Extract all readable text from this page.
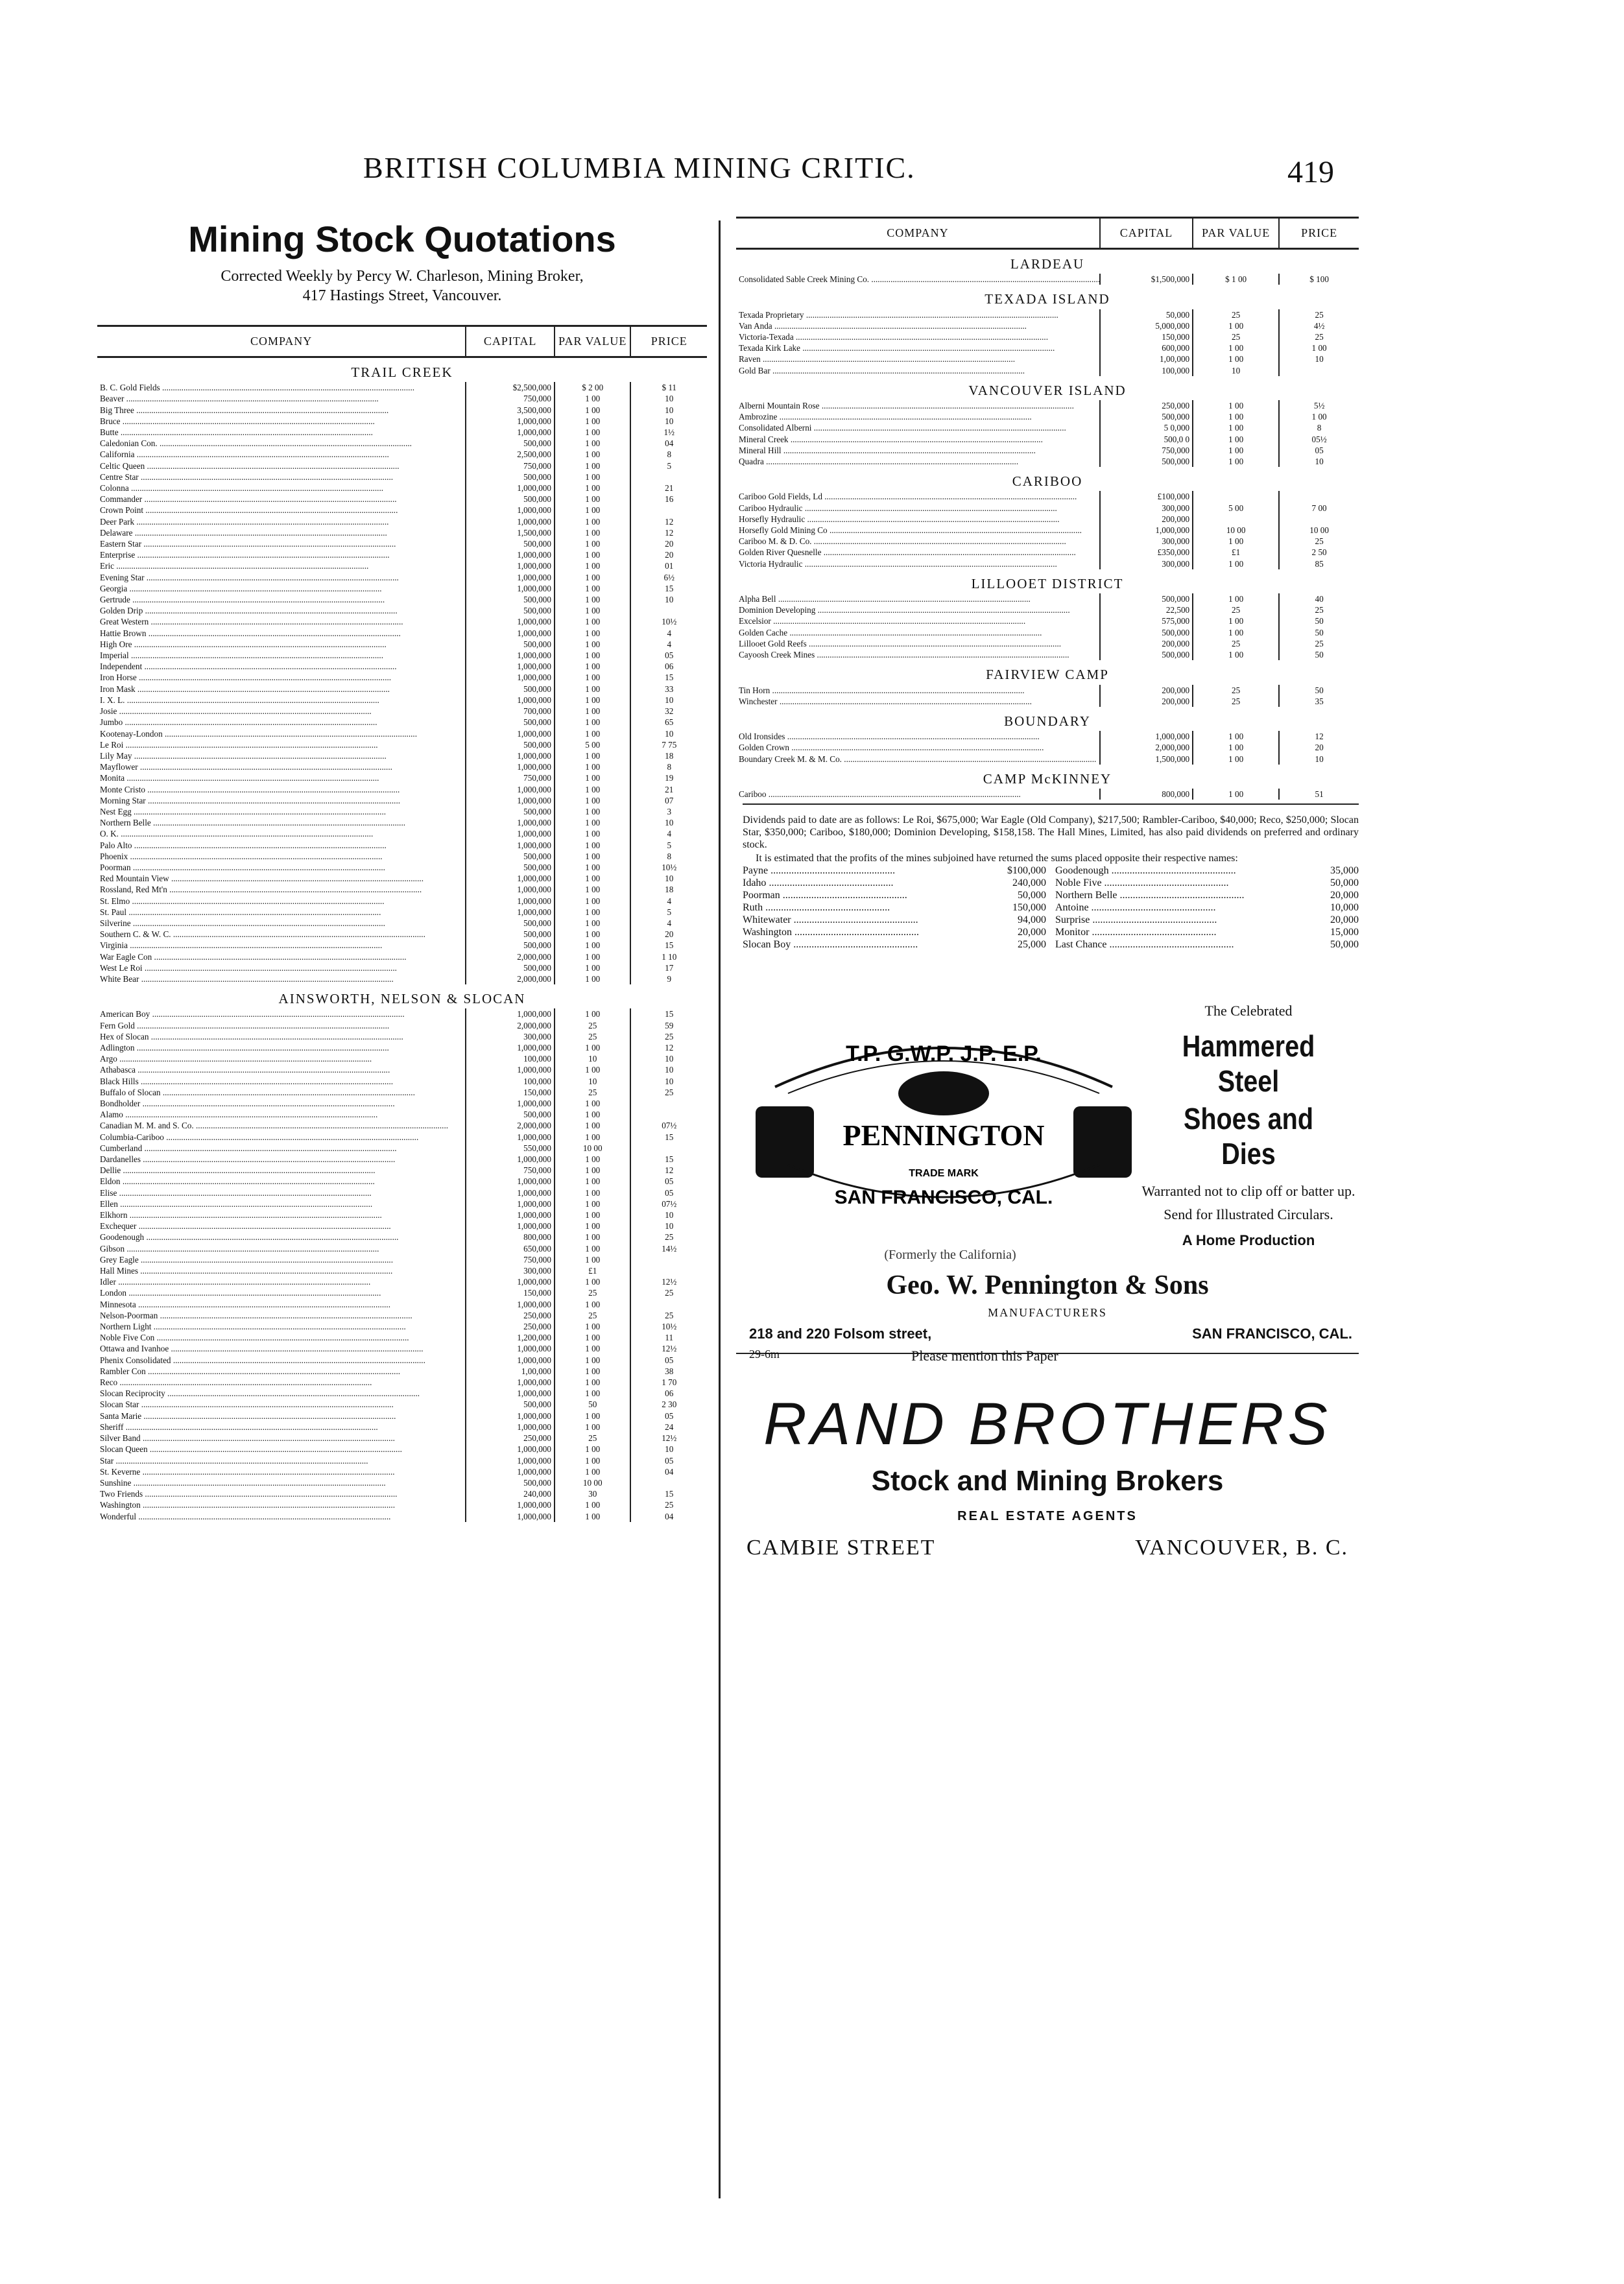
BRITISH COLUMBIA MINING CRITIC.	419
Mining Stock Quotations
Corrected Weekly by Percy W. Charleson, Mining Broker,
417 Hastings Street, Vancouver.
COMPANY	CAPITAL	PAR VALUE	PRICE
TRAIL CREEK			
B. C. Gold Fields .....	$2,500,000	$ 2 00	$ 11
Beaver .....	750,000	1 00	10
Big Three .....	3,500,000	1 00	10
Bruce .....	1,000,000	1 00	10
Butte .....	1,000,000	1 00	1½
Caledonian Con. .....	500,000	1 00	04
California .....	2,500,000	1 00	8
Celtic Queen .....	750,000	1 00	5
Centre Star .....	500,000	1 00	
Colonna .....	1,000,000	1 00	21
Commander .....	500,000	1 00	16
Crown Point .....	1,000,000	1 00	
Deer Park .....	1,000,000	1 00	12
Delaware .....	1,500,000	1 00	12
Eastern Star .....	500,000	1 00	20
Enterprise .....	1,000,000	1 00	20
Eric .....	1,000,000	1 00	01
Evening Star .....	1,000,000	1 00	6½
Georgia .....	1,000,000	1 00	15
Gertrude .....	500,000	1 00	10
Golden Drip .....	500,000	1 00	
Great Western .....	1,000,000	1 00	10½
Hattie Brown .....	1,000,000	1 00	4
High Ore .....	500,000	1 00	4
Imperial .....	1,000,000	1 00	05
Independent .....	1,000,000	1 00	06
Iron Horse .....	1,000,000	1 00	15
Iron Mask .....	500,000	1 00	33
I. X. L. .....	1,000,000	1 00	10
Josie .....	700,000	1 00	32
Jumbo .....	500,000	1 00	65
Kootenay-London .....	1,000,000	1 00	10
Le Roi .....	500,000	5 00	7 75
Lily May .....	1,000,000	1 00	18
Mayflower .....	1,000,000	1 00	8
Monita .....	750,000	1 00	19
Monte Cristo .....	1,000,000	1 00	21
Morning Star .....	1,000,000	1 00	07
Nest Egg .....	500,000	1 00	3
Northern Belle .....	1,000,000	1 00	10
O. K. .....	1,000,000	1 00	4
Palo Alto .....	1,000,000	1 00	5
Phoenix .....	500,000	1 00	8
Poorman .....	500,000	1 00	10½
Red Mountain View .....	1,000,000	1 00	10
Rossland, Red Mt'n .....	1,000,000	1 00	18
St. Elmo .....	1,000,000	1 00	4
St. Paul .....	1,000,000	1 00	5
Silverine .....	500,000	1 00	4
Southern C. & W. C. .....	500,000	1 00	20
Virginia .....	500,000	1 00	15
War Eagle Con .....	2,000,000	1 00	1 10
West Le Roi .....	500,000	1 00	17
White Bear .....	2,000,000	1 00	9
AINSWORTH, NELSON & SLOCAN			
American Boy .....	1,000,000	1 00	15
Fern Gold .....	2,000,000	25	59
Hex of Slocan .....	300,000	25	25
Adlington .....	1,000,000	1 00	12
Argo .....	100,000	10	10
Athabasca .....	1,000,000	1 00	10
Black Hills .....	100,000	10	10
Buffalo of Slocan .....	150,000	25	25
Bondholder .....	1,000,000	1 00	
Alamo .....	500,000	1 00	
Canadian M. M. and S. Co. .....	2,000,000	1 00	07½
Columbia-Cariboo .....	1,000,000	1 00	15
Cumberland .....	550,000	10 00	
Dardanelles .....	1,000,000	1 00	15
Dellie .....	750,000	1 00	12
Eldon .....	1,000,000	1 00	05
Elise .....	1,000,000	1 00	05
Ellen .....	1,000,000	1 00	07½
Elkhorn .....	1,000,000	1 00	10
Exchequer .....	1,000,000	1 00	10
Goodenough .....	800,000	1 00	25
Gibson .....	650,000	1 00	14½
Grey Eagle .....	750,000	1 00	
Hall Mines .....	300,000	£1	
Idler .....	1,000,000	1 00	12½
London .....	150,000	25	25
Minnesota .....	1,000,000	1 00	
Nelson-Poorman .....	250,000	25	25
Northern Light .....	250,000	1 00	10½
Noble Five Con .....	1,200,000	1 00	11
Ottawa and Ivanhoe .....	1,000,000	1 00	12½
Phenix Consolidated .....	1,000,000	1 00	05
Rambler Con .....	1,00,000	1 00	38
Reco .....	1,000,000	1 00	1 70
Slocan Reciprocity .....	1,000,000	1 00	06
Slocan Star .....	500,000	50	2 30
Santa Marie .....	1,000,000	1 00	05
Sheriff .....	1,000,000	1 00	24
Silver Band .....	250,000	25	12½
Slocan Queen .....	1,000,000	1 00	10
Star .....	1,000,000	1 00	05
St. Keverne .....	1,000,000	1 00	04
Sunshine .....	500,000	10 00	
Two Friends .....	240,000	30	15
Washington .....	1,000,000	1 00	25
Wonderful .....	1,000,000	1 00	04
COMPANY	CAPITAL	PAR VALUE	PRICE
LARDEAU			
Consolidated Sable Creek Mining Co. .....	$1,500,000	$ 1 00	$ 100
TEXADA ISLAND			
Texada Proprietary .....	50,000	25	25
Van Anda .....	5,000,000	1 00	4½
Victoria-Texada .....	150,000	25	25
Texada Kirk Lake .....	600,000	1 00	1 00
Raven .....	1,00,000	1 00	10
Gold Bar .....	100,000	10	
VANCOUVER ISLAND			
Alberni Mountain Rose .....	250,000	1 00	5½
Ambrozine .....	500,000	1 00	1 00
Consolidated Alberni .....	5 0,000	1 00	8
Mineral Creek .....	500,0 0	1 00	05½
Mineral Hill .....	750,000	1 00	05
Quadra .....	500,000	1 00	10
CARIBOO			
Cariboo Gold Fields, Ld .....	£100,000		
Cariboo Hydraulic .....	300,000	5 00	7 00
Horsefly Hydraulic .....	200,000		
Horsefly Gold Mining Co .....	1,000,000	10 00	10 00
Cariboo M. & D. Co. .....	300,000	1 00	25
Golden River Quesnelle .....	£350,000	£1	2 50
Victoria Hydraulic .....	300,000	1 00	85
LILLOOET DISTRICT			
Alpha Bell .....	500,000	1 00	40
Dominion Developing .....	22,500	25	25
Excelsior .....	575,000	1 00	50
Golden Cache .....	500,000	1 00	50
Lillooet Gold Reefs .....	200,000	25	25
Cayoosh Creek Mines .....	500,000	1 00	50
FAIRVIEW CAMP			
Tin Horn .....	200,000	25	50
Winchester .....	200,000	25	35
BOUNDARY			
Old Ironsides .....	1,000,000	1 00	12
Golden Crown .....	2,000,000	1 00	20
Boundary Creek M. & M. Co. .....	1,500,000	1 00	10
CAMP McKINNEY			
Cariboo .....	800,000	1 00	51
Dividends paid to date are as follows: Le Roi, $675,000; War Eagle (Old Company), $217,500; Rambler-Cariboo, $40,000; Reco, $250,000; Slocan Star, $350,000; Cariboo, $180,000; Dominion Developing, $158,158. The Hall Mines, Limited, has also paid dividends on preferred and ordinary stock.
It is estimated that the profits of the mines subjoined have returned the sums placed opposite their respective names:
Payne .....	$100,000 Goodenough .....	35,000
Idaho .....	240,000 Noble Five .....	50,000
Poorman .....	50,000 Northern Belle .....	20,000
Ruth .....	150,000 Antoine .....	10,000
Whitewater .....	94,000 Surprise .....	20,000
Washington .....	20,000 Monitor .....	15,000
Slocan Boy .....	25,000 Last Chance .....	50,000
T.P. G.W.P. J.P. E.P.
PENNINGTON
TRADE MARK
SAN FRANCISCO, CAL.
The Celebrated
Hammered Steel
Shoes and Dies
Warranted not to clip off or batter up.
Send for Illustrated Circulars.
A Home Production
(Formerly the California)
Geo. W. Pennington & Sons
MANUFACTURERS
218 and 220 Folsom street,	SAN FRANCISCO, CAL.
29-6m	Please mention this Paper
RAND BROTHERS
Stock and Mining Brokers
REAL ESTATE AGENTS
CAMBIE STREET	VANCOUVER, B. C.
